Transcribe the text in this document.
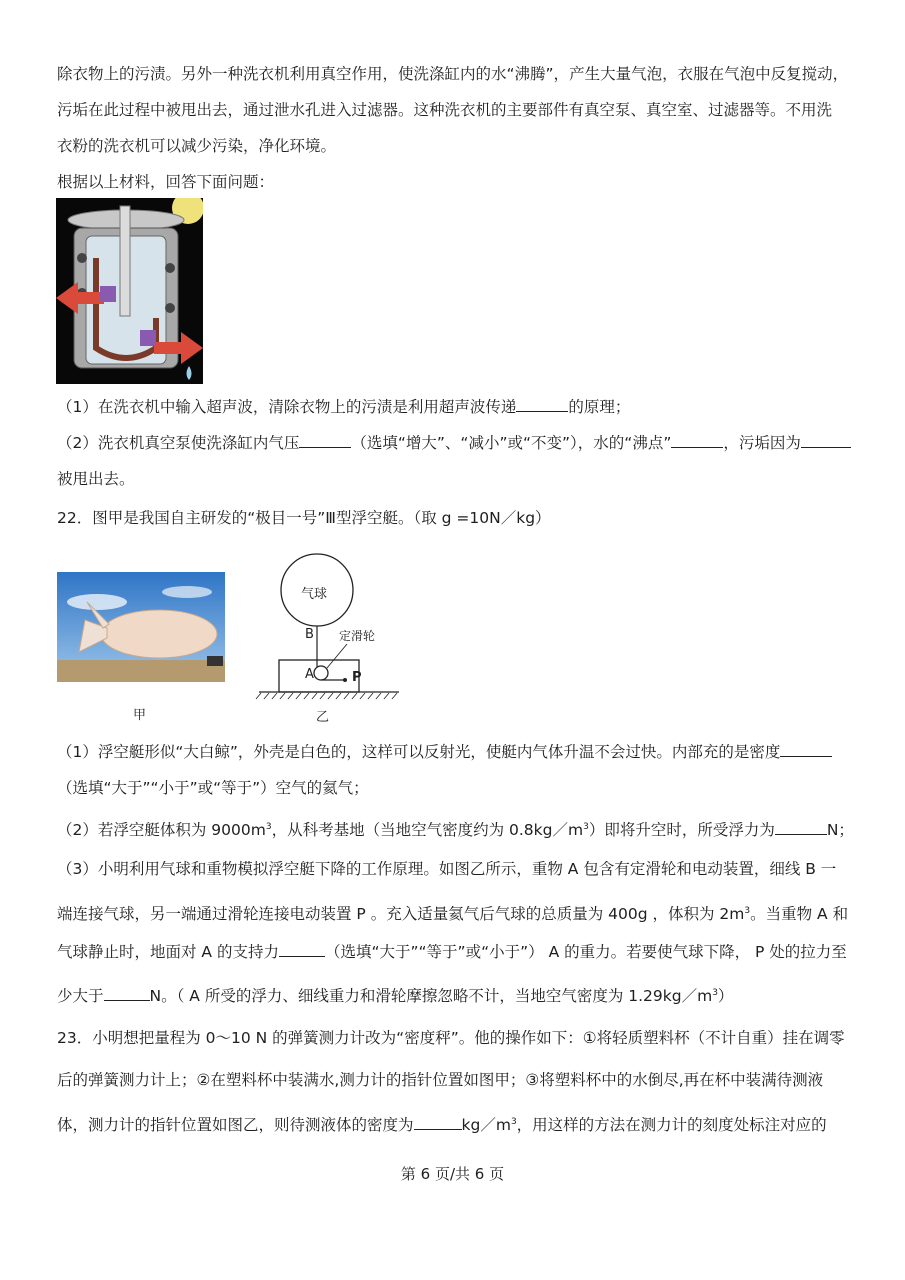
除衣物上的污渍。另外一种洗衣机利用真空作用，使洗涤缸内的水“沸腾”，产生大量气泡，衣服在气泡中反复搅动，
污垢在此过程中被甩出去，通过泄水孔进入过滤器。这种洗衣机的主要部件有真空泵、真空室、过滤器等。不用洗
衣粉的洗衣机可以减少污染，净化环境。
根据以上材料，回答下面问题：
（1）在洗衣机中输入超声波，清除衣物上的污渍是利用超声波传递	的原理；
（2）洗衣机真空泵使洗涤缸内气压	（选填“增大”、“减小”或“不变”），水的“沸点”	，污垢因为
被甩出去。
22．图甲是我国自主研发的“极目一号”Ⅲ型浮空艇。（取 g =10N／kg）
甲
气球
B 定滑轮
A	P
乙
（1）浮空艇形似“大白鲸”，外壳是白色的，这样可以反射光，使艇内气体升温不会过快。内部充的是密度
（选填“大于”“小于”或“等于”）空气的氦气；
（2）若浮空艇体积为 $9000m^3$，从科考基地（当地空气密度约为 $0.8kg/m^3$）即将升空时，所受浮力为	N；
（3）小明利用气球和重物模拟浮空艇下降的工作原理。如图乙所示，重物 A 包含有定滑轮和电动装置，细线 B 一
端连接气球，另一端通过滑轮连接电动装置 P 。充入适量氦气后气球的总质量为 400g ，体积为 $2m^3$。当重物 A 和
气球静止时，地面对 A 的支持力	（选填“大于”“等于”或“小于”） A 的重力。若要使气球下降， P 处的拉力至
少大于	N。（ A 所受的浮力、细线重力和滑轮摩擦忽略不计，当地空气密度为 $1.29kg/m^3$）
23．小明想把量程为 0～10 N 的弹簧测力计改为“密度秤”。他的操作如下：①将轻质塑料杯（不计自重）挂在调零
后的弹簧测力计上；②在塑料杯中装满水,测力计的指针位置如图甲；③将塑料杯中的水倒尽,再在杯中装满待测液
体，测力计的指针位置如图乙，则待测液体的密度为	$kg/m^3$，用这样的方法在测力计的刻度处标注对应的
第 6 页/共 6 页
